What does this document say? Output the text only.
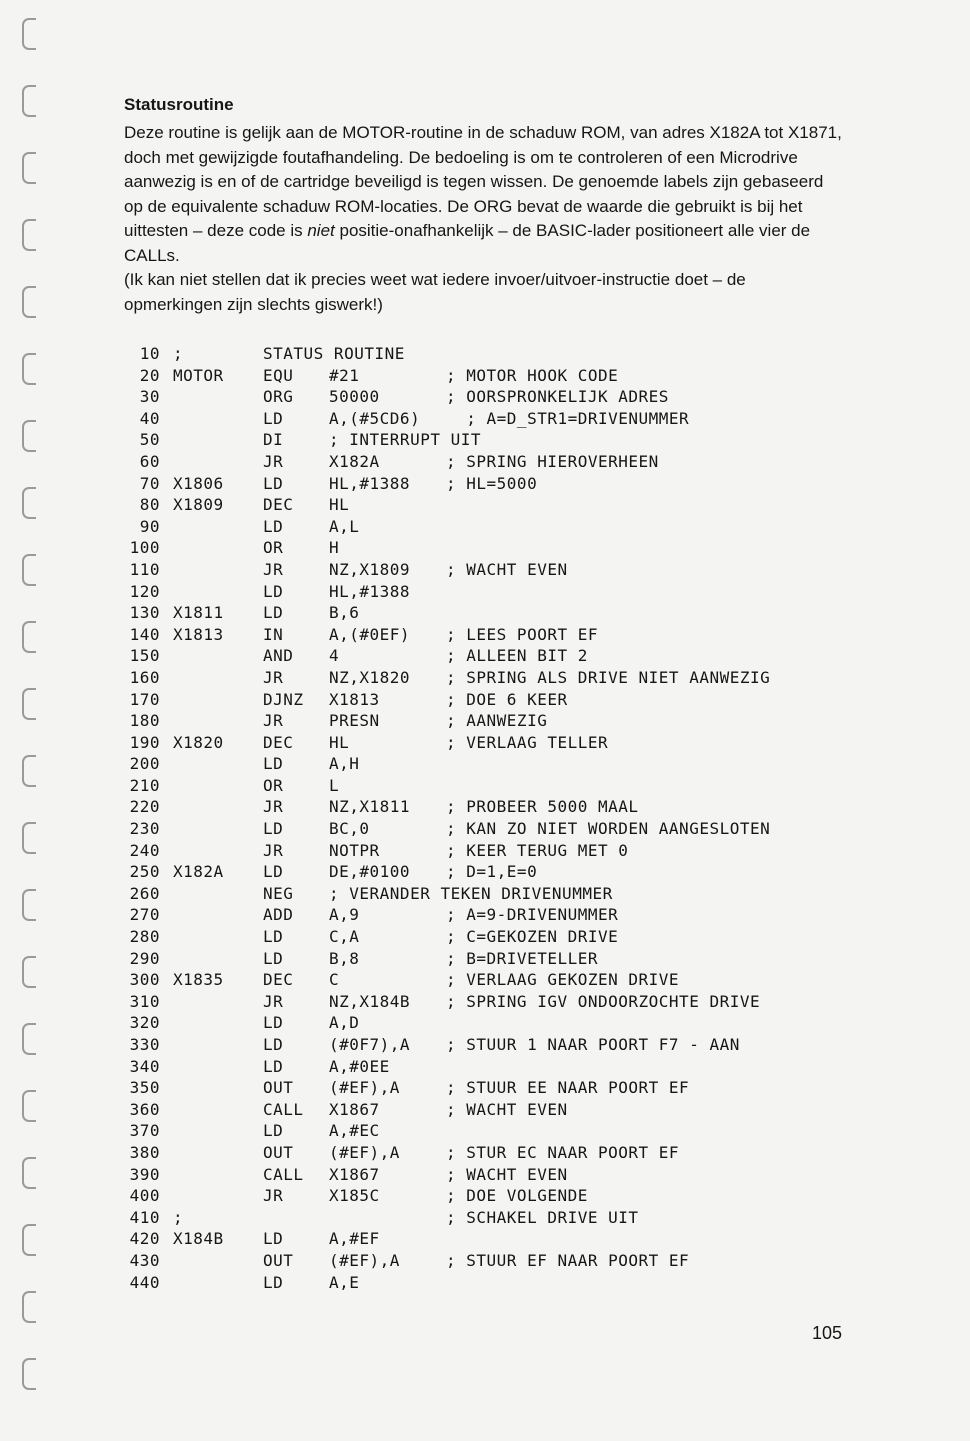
Statusroutine

Deze routine is gelijk aan de MOTOR-routine in de schaduw ROM, van adres X182A tot X1871, doch met gewijzigde foutafhandeling. De bedoeling is om te controleren of een Microdrive aanwezig is en of de cartridge beveiligd is tegen wissen. De genoemde labels zijn gebaseerd op de equivalente schaduw ROM-locaties. De ORG bevat de waarde die gebruikt is bij het uittesten – deze code is niet positie-onafhankelijk – de BASIC-lader positioneert alle vier de CALLs.

(Ik kan niet stellen dat ik precies weet wat iedere invoer/uitvoer-instructie doet – de opmerkingen zijn slechts giswerk!)

10 ;	STATUS ROUTINE
20 MOTOR EQU #21	; MOTOR HOOK CODE
30	ORG 50000	; OORSPRONKELIJK ADRES
40	LD	A,(#5CD6) ; A=D_STR1=DRIVENUMMER
50	DI	; INTERRUPT UIT
60	JR	X182A	; SPRING HIEROVERHEEN
70 X1806 LD	HL,#1388 ; HL=5000
80 X1809 DEC HL
90	LD	A,L
100	OR	H
110	JR	NZ,X1809 ; WACHT EVEN
120	LD	HL,#1388
130 X1811 LD	B,6
140 X1813 IN	A,(#0EF) ; LEES POORT EF
150	AND 4	; ALLEEN BIT 2
160	JR	NZ,X1820 ; SPRING ALS DRIVE NIET AANWEZIG
170	DJNZ X1813	; DOE 6 KEER
180	JR	PRESN	; AANWEZIG
190 X1820 DEC HL	; VERLAAG TELLER
200	LD	A,H
210	OR	L
220	JR	NZ,X1811 ; PROBEER 5000 MAAL
230	LD	BC,0	; KAN ZO NIET WORDEN AANGESLOTEN
240	JR	NOTPR	; KEER TERUG MET 0
250 X182A LD	DE,#0100 ; D=1,E=0
260	NEG ; VERANDER TEKEN DRIVENUMMER
270	ADD A,9	; A=9-DRIVENUMMER
280	LD	C,A	; C=GEKOZEN DRIVE
290	LD	B,8	; B=DRIVETELLER
300 X1835 DEC C	; VERLAAG GEKOZEN DRIVE
310	JR	NZ,X184B ; SPRING IGV ONDOORZOCHTE DRIVE
320	LD	A,D
330	LD	(#0F7),A ; STUUR 1 NAAR POORT F7 - AAN
340	LD	A,#0EE
350	OUT (#EF),A	; STUUR EE NAAR POORT EF
360	CALL X1867	; WACHT EVEN
370	LD	A,#EC
380	OUT (#EF),A	; STUR EC NAAR POORT EF
390	CALL X1867	; WACHT EVEN
400	JR	X185C	; DOE VOLGENDE
410 ;	; SCHAKEL DRIVE UIT
420 X184B LD	A,#EF
430	OUT (#EF),A	; STUUR EF NAAR POORT EF
440	LD	A,E
105
